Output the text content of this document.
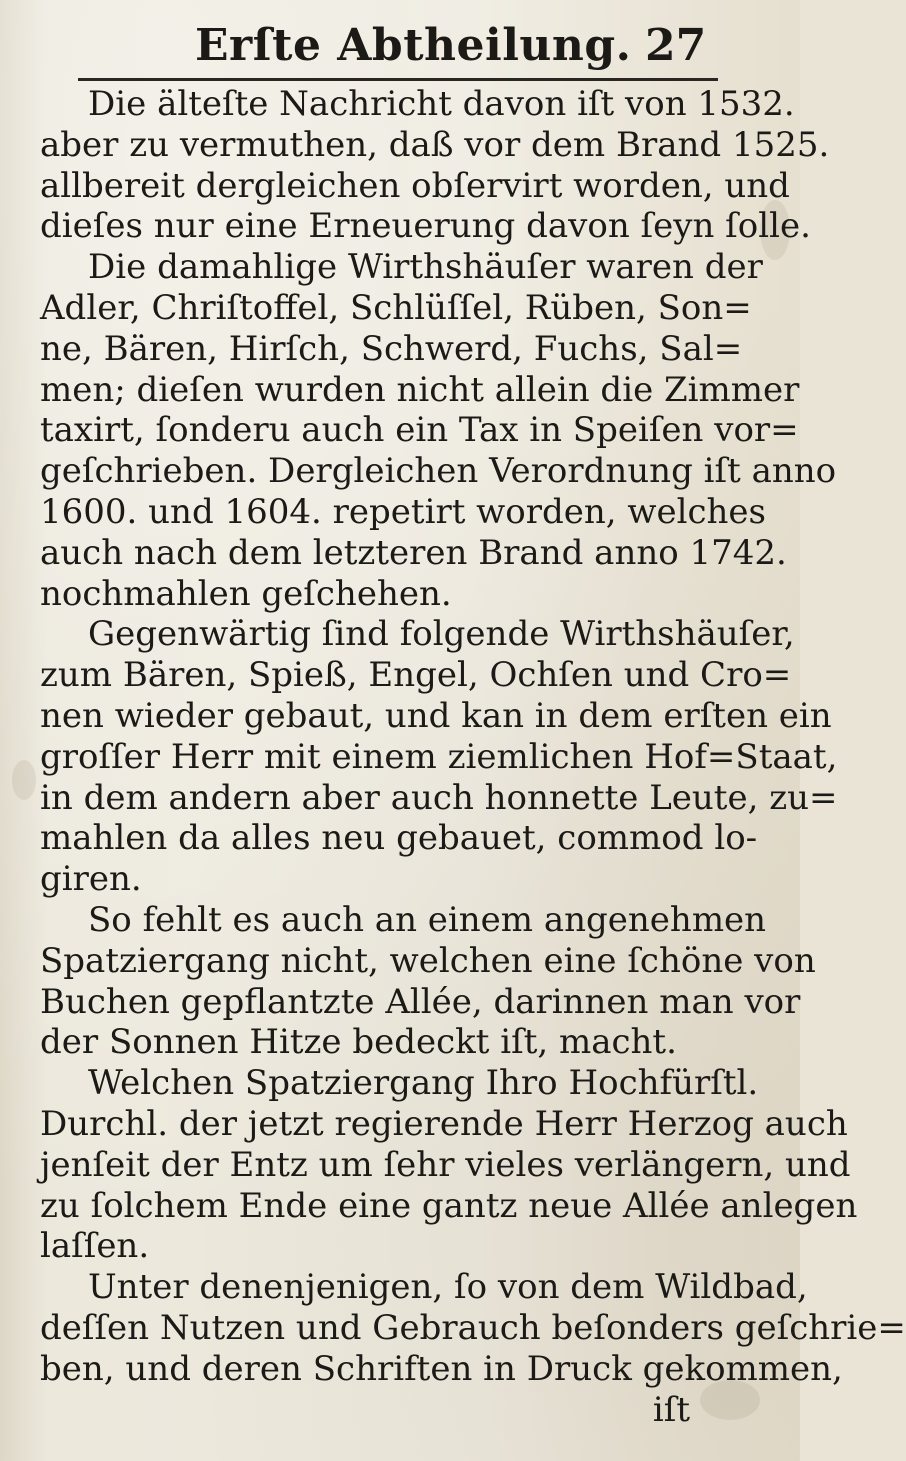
Erſte Abtheilung. 27
Die älteſte Nachricht davon iſt von 1532.
aber zu vermuthen, daß vor dem Brand 1525.
allbereit dergleichen obſervirt worden, und
dieſes nur eine Erneuerung davon ſeyn ſolle.
Die damahlige Wirthshäuſer waren der
Adler, Chriſtoffel, Schlüſſel, Rüben, Son=
ne, Bären, Hirſch, Schwerd, Fuchs, Sal=
men; dieſen wurden nicht allein die Zimmer
taxirt, ſonderu auch ein Tax in Speiſen vor=
geſchrieben. Dergleichen Verordnung iſt anno
1600. und 1604. repetirt worden, welches
auch nach dem letzteren Brand anno 1742.
nochmahlen geſchehen.
Gegenwärtig ſind folgende Wirthshäuſer,
zum Bären, Spieß, Engel, Ochſen und Cro=
nen wieder gebaut, und kan in dem erſten ein
groſſer Herr mit einem ziemlichen Hof=Staat,
in dem andern aber auch honnette Leute, zu=
mahlen da alles neu gebauet, commod lo-
giren.
So fehlt es auch an einem angenehmen
Spatziergang nicht, welchen eine ſchöne von
Buchen gepflantzte Allée, darinnen man vor
der Sonnen Hitze bedeckt iſt, macht.
Welchen Spatziergang Ihro Hochfürſtl.
Durchl. der jetzt regierende Herr Herzog auch
jenſeit der Entz um ſehr vieles verlängern, und
zu ſolchem Ende eine gantz neue Allée anlegen
laſſen.
Unter denenjenigen, ſo von dem Wildbad,
deſſen Nutzen und Gebrauch beſonders geſchrie=
ben, und deren Schriften in Druck gekommen,
iſt
